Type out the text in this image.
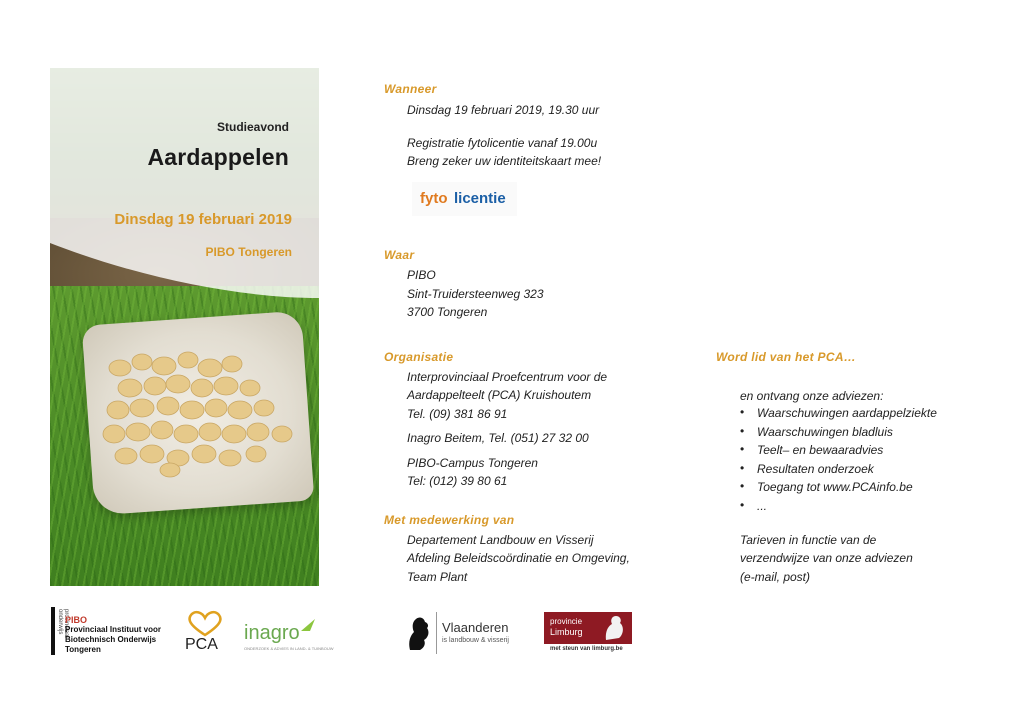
Studieavond
Aardappelen
Dinsdag 19 februari 2019
PIBO Tongeren
Wanneer
Dinsdag 19 februari 2019, 19.30 uur
Registratie fytolicentie vanaf 19.00u
Breng zeker uw identiteitskaart mee!
fyto licentie
Waar
PIBO
Sint-Truidersteenweg 323
3700 Tongeren
Organisatie
Interprovinciaal Proefcentrum voor de
Aardappelteelt (PCA) Kruishoutem
Tel. (09) 381 86 91
Inagro Beitem, Tel. (051) 27 32 00
PIBO-Campus Tongeren
Tel: (012) 39 80 61
Met medewerking van
Departement Landbouw en Visserij
Afdeling Beleidscoördinatie en Omgeving,
Team Plant
Word lid van het PCA…
en ontvang onze adviezen:
• Waarschuwingen aardappelziekte
• Waarschuwingen bladluis
• Teelt– en bewaaradvies
• Resultaten onderzoek
• Toegang tot www.PCAinfo.be
• ...
Tarieven in functie van de
verzendwijze van onze adviezen
(e-mail, post)
provinciaal onderwijs PIBO
Provinciaal Instituut voor
Biotechnisch Onderwijs
Tongeren	PCA
inagro
ONDERZOEK & ADVIES IN LAND- & TUINBOUW
Vlaanderen
is landbouw & visserij
provincie
Limburg
met steun van limburg.be
